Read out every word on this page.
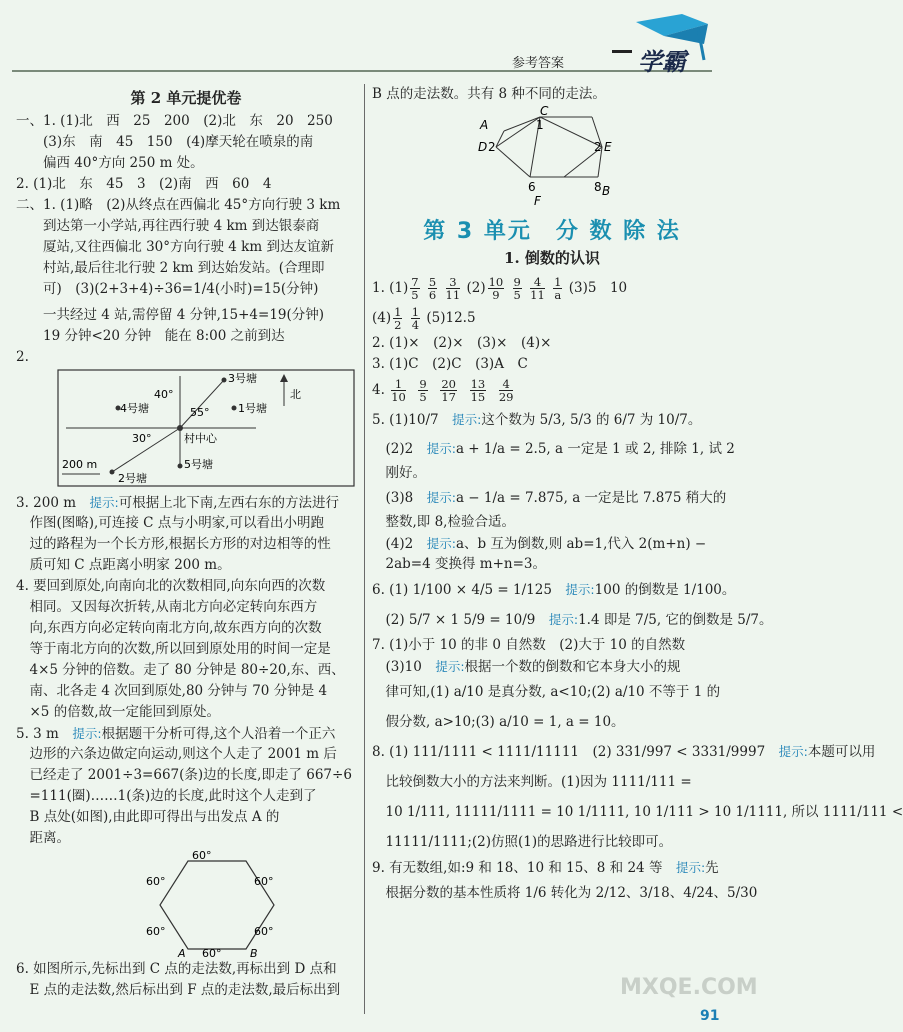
参考答案	学霸
第 2 单元提优卷
一、1. (1)北　西　25　200　(2)北　东　20　250
　　(3)东　南　45　150　(4)摩天轮在喷泉的南
　　偏西 40°方向 250 m 处。
2. (1)北　东　45　3　(2)南　西　60　4
二、1. (1)略　(2)从终点在西偏北 45°方向行驶 3 km
　　到达第一小学站,再往西行驶 4 km 到达银泰商
　　厦站,又往西偏北 30°方向行驶 4 km 到达友谊新
　　村站,最后往北行驶 2 km 到达始发站。(合理即
　　可)　(3)(2+3+4)÷36=1/4(小时)=15(分钟)
　　一共经过 4 站,需停留 4 分钟,15+4=19(分钟)
　　19 分钟<20 分钟　能在 8:00 之前到达
2.
3号塘
北
4号塘
40°
55°	1号塘
30°	村中心
5号塘
2号塘
200 m
3. 200 m　 提示:可根据上北下南,左西右东的方法进行
　作图(图略),可连接 C 点与小明家,可以看出小明跑
　过的路程为一个长方形,根据长方形的对边相等的性
　质可知 C 点距离小明家 200 m。
4. 要回到原处,向南向北的次数相同,向东向西的次数
　相同。又因每次折转,从南北方向必定转向东西方
　向,东西方向必定转向南北方向,故东西方向的次数
　等于南北方向的次数,所以回到原处用的时间一定是
　4×5 分钟的倍数。走了 80 分钟是 80÷20,东、西、
　南、北各走 4 次回到原处,80 分钟与 70 分钟是 4
　×5 的倍数,故一定能回到原处。
5. 3 m　 提示:根据题干分析可得,这个人沿着一个正六
　边形的六条边做定向运动,则这个人走了 2001 m 后
　已经走了 2001÷3=667(条)边的长度,即走了 667÷6
　=111(圈)……1(条)边的长度,此时这个人走到了
　B 点处(如图),由此即可得出与出发点 A 的
　距离。
60°
60°	60°
60°	60°
A 60°	B
6. 如图所示,先标出到 C 点的走法数,再标出到 D 点和
　E 点的走法数,然后标出到 F 点的走法数,最后标出到
B 点的走法数。共有 8 种不同的走法。
C
A	1
D 2	2 E
6	8 B
F
第 3 单元　分 数 除 法
1. 倒数的认识
1. $(1) \frac{7}{5}$
$\frac{5}{6}$
$\frac{3}{11} (2) \frac{10}{9}$
$\frac{9}{5}$
$\frac{4}{11}$
$\frac{1}{a}$
(3)5　10
$(4) \frac{1}{2}$
$\frac{1}{4}$
(5)12.5
2. (1)×　(2)×　(3)×　(4)×
3. (1)C　(2)C　(3)A　C
4.
$\frac{1}{10}$
$\frac{9}{5}$
$\frac{20}{17}$
$\frac{13}{15}$
$\frac{4}{29}$
5. (1)10/7　 提示:这个数为 5/3, 5/3 的 6/7 为 10/7。
　(2)2　 提示:a + 1/a = 2.5, a 一定是 1 或 2, 排除 1, 试 2
　刚好。
　(3)8　 提示:a − 1/a = 7.875, a 一定是比 7.875 稍大的
　整数,即 8,检验合适。
　(4)2　 提示:a、b 互为倒数,则 ab=1,代入 2(m+n) −
　2ab=4 变换得 m+n=3。
6. (1) 1/100 × 4/5 = 1/125　 提示:100 的倒数是 1/100。
　(2) 5/7 × 1 5/9 = 10/9　 提示:1.4 即是 7/5, 它的倒数是 5/7。
7. (1)小于 10 的非 0 自然数　(2)大于 10 的自然数
　(3)10　 提示:根据一个数的倒数和它本身大小的规
　律可知,(1) a/10 是真分数, a<10;(2) a/10 不等于 1 的
　假分数, a>10;(3) a/10 = 1, a = 10。
8. (1) 111/1111 < 1111/11111　(2) 331/997 < 3331/9997　 提示:本题可以用
　比较倒数大小的方法来判断。(1)因为 1111/111 =
　10 1/111, 11111/1111 = 10 1/1111, 10 1/111 > 10 1/1111, 所以 1111/111 <
　11111/1111;(2)仿照(1)的思路进行比较即可。
9. 有无数组,如:9 和 18、10 和 15、8 和 24 等　 提示:先
　根据分数的基本性质将 1/6 转化为 2/12、3/18、4/24、5/30
MXQE.COM
91
